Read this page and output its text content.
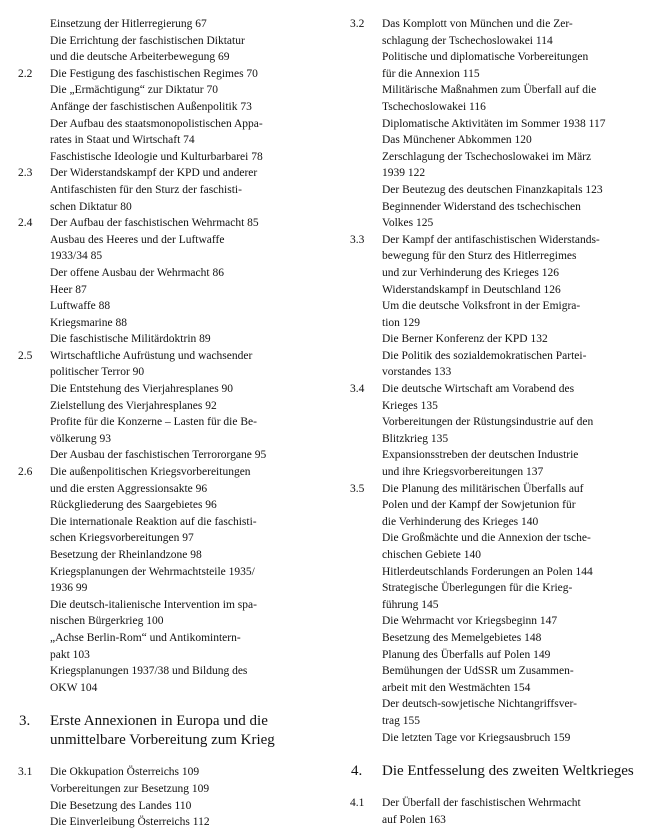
Einsetzung der Hitlerregierung 67
Die Errichtung der faschistischen Diktatur
und die deutsche Arbeiterbewegung 69
2.2 Die Festigung des faschistischen Regimes 70
Die „Ermächtigung“ zur Diktatur 70
Anfänge der faschistischen Außenpolitik 73
Der Aufbau des staatsmonopolistischen Appa-
rates in Staat und Wirtschaft 74
Faschistische Ideologie und Kulturbarbarei 78
2.3 Der Widerstandskampf der KPD und anderer
Antifaschisten für den Sturz der faschisti-
schen Diktatur 80
2.4 Der Aufbau der faschistischen Wehrmacht 85
Ausbau des Heeres und der Luftwaffe
1933/34 85
Der offene Ausbau der Wehrmacht 86
Heer 87
Luftwaffe 88
Kriegsmarine 88
Die faschistische Militärdoktrin 89
2.5 Wirtschaftliche Aufrüstung und wachsender
politischer Terror 90
Die Entstehung des Vierjahresplanes 90
Zielstellung des Vierjahresplanes 92
Profite für die Konzerne – Lasten für die Be-
völkerung 93
Der Ausbau der faschistischen Terrororgane 95
2.6 Die außenpolitischen Kriegsvorbereitungen
und die ersten Aggressionsakte 96
Rückgliederung des Saargebietes 96
Die internationale Reaktion auf die faschisti-
schen Kriegsvorbereitungen 97
Besetzung der Rheinlandzone 98
Kriegsplanungen der Wehrmachtsteile 1935/
1936 99
Die deutsch-italienische Intervention im spa-
nischen Bürgerkrieg 100
„Achse Berlin-Rom“ und Antikomintern-
pakt 103
Kriegsplanungen 1937/38 und Bildung des
OKW 104
3. Erste Annexionen in Europa und die
unmittelbare Vorbereitung zum Krieg
3.1 Die Okkupation Österreichs 109
Vorbereitungen zur Besetzung 109
Die Besetzung des Landes 110
Die Einverleibung Österreichs 112
3.2 Das Komplott von München und die Zer-
schlagung der Tschechoslowakei 114
Politische und diplomatische Vorbereitungen
für die Annexion 115
Militärische Maßnahmen zum Überfall auf die
Tschechoslowakei 116
Diplomatische Aktivitäten im Sommer 1938 117
Das Münchener Abkommen 120
Zerschlagung der Tschechoslowakei im März
1939 122
Der Beutezug des deutschen Finanzkapitals 123
Beginnender Widerstand des tschechischen
Volkes 125
3.3 Der Kampf der antifaschistischen Widerstands-
bewegung für den Sturz des Hitlerregimes
und zur Verhinderung des Krieges 126
Widerstandskampf in Deutschland 126
Um die deutsche Volksfront in der Emigra-
tion 129
Die Berner Konferenz der KPD 132
Die Politik des sozialdemokratischen Partei-
vorstandes 133
3.4 Die deutsche Wirtschaft am Vorabend des
Krieges 135
Vorbereitungen der Rüstungsindustrie auf den
Blitzkrieg 135
Expansionsstreben der deutschen Industrie
und ihre Kriegsvorbereitungen 137
3.5 Die Planung des militärischen Überfalls auf
Polen und der Kampf der Sowjetunion für
die Verhinderung des Krieges 140
Die Großmächte und die Annexion der tsche-
chischen Gebiete 140
Hitlerdeutschlands Forderungen an Polen 144
Strategische Überlegungen für die Krieg-
führung 145
Die Wehrmacht vor Kriegsbeginn 147
Besetzung des Memelgebietes 148
Planung des Überfalls auf Polen 149
Bemühungen der UdSSR um Zusammen-
arbeit mit den Westmächten 154
Der deutsch-sowjetische Nichtangriffsver-
trag 155
Die letzten Tage vor Kriegsausbruch 159
4. Die Entfesselung des zweiten Weltkrieges
4.1 Der Überfall der faschistischen Wehrmacht
auf Polen 163
